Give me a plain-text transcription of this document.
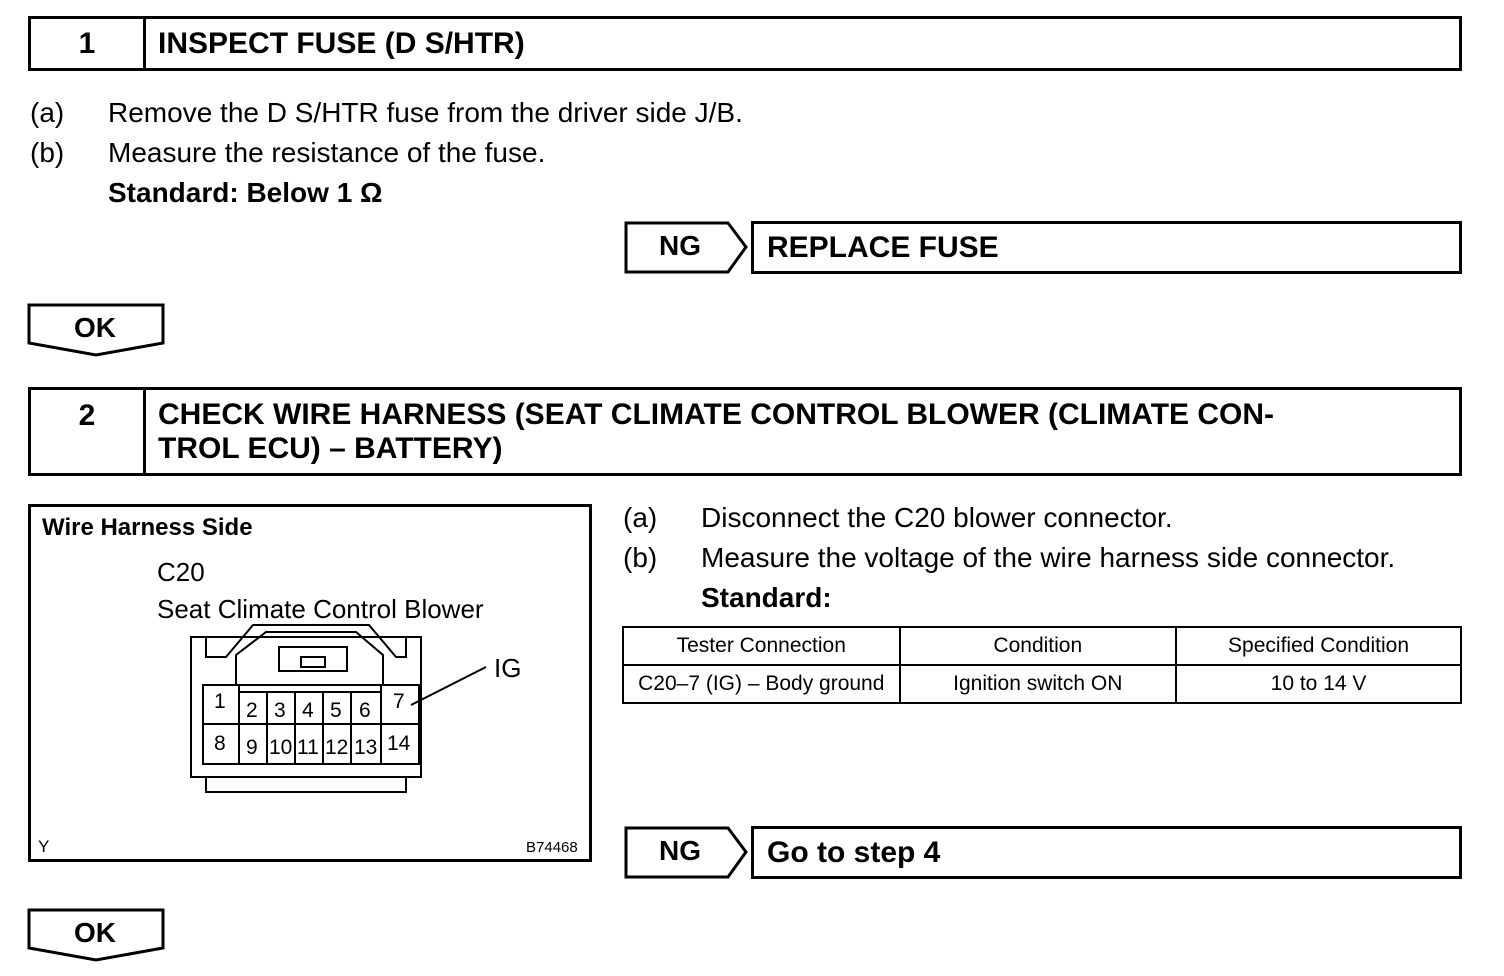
1	INSPECT FUSE (D S/HTR)
(a) Remove the D S/HTR fuse from the driver side J/B.
(b) Measure the resistance of the fuse.
Standard: Below 1 Ω
NG	REPLACE FUSE
OK
2	CHECK WIRE HARNESS (SEAT CLIMATE CONTROL BLOWER (CLIMATE CON-
TROL ECU) – BATTERY)
Wire Harness Side
C20
Seat Climate Control Blower
IG
Y	B74468
1 2 3 4 5 6 7
8 9 10 11 12 13 14
(a) Disconnect the C20 blower connector.
(b) Measure the voltage of the wire harness side connector.
Standard:
Tester Connection	Condition	Specified Condition
C20–7 (IG) – Body ground	Ignition switch ON	10 to 14 V
NG	Go to step 4
OK
